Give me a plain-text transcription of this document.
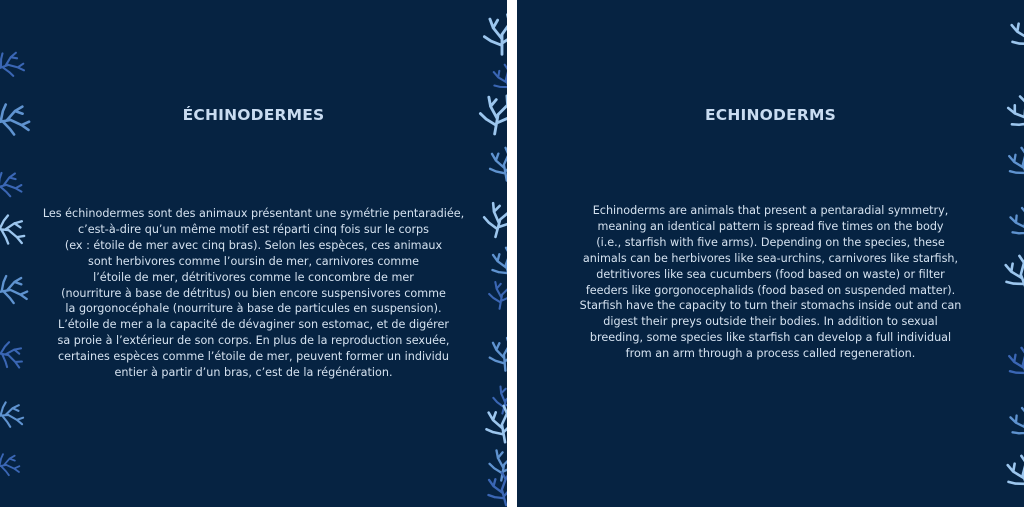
ÉCHINODERMES
Les échinodermes sont des animaux présentant une symétrie pentaradiée,
c’est-à-dire qu’un même motif est réparti cinq fois sur le corps
(ex : étoile de mer avec cinq bras). Selon les espèces, ces animaux
sont herbivores comme l’oursin de mer, carnivores comme
l’étoile de mer, détritivores comme le concombre de mer
(nourriture à base de détritus) ou bien encore suspensivores comme
la gorgonocéphale (nourriture à base de particules en suspension).
L’étoile de mer a la capacité de dévaginer son estomac, et de digérer
sa proie à l’extérieur de son corps. En plus de la reproduction sexuée,
certaines espèces comme l’étoile de mer, peuvent former un individu
entier à partir d’un bras, c’est de la régénération.
ECHINODERMS
Echinoderms are animals that present a pentaradial symmetry,
meaning an identical pattern is spread five times on the body
(i.e., starfish with five arms). Depending on the species, these
animals can be herbivores like sea-urchins, carnivores like starfish,
detritivores like sea cucumbers (food based on waste) or filter
feeders like gorgonocephalids (food based on suspended matter).
Starfish have the capacity to turn their stomachs inside out and can
digest their preys outside their bodies. In addition to sexual
breeding, some species like starfish can develop a full individual
from an arm through a process called regeneration.
